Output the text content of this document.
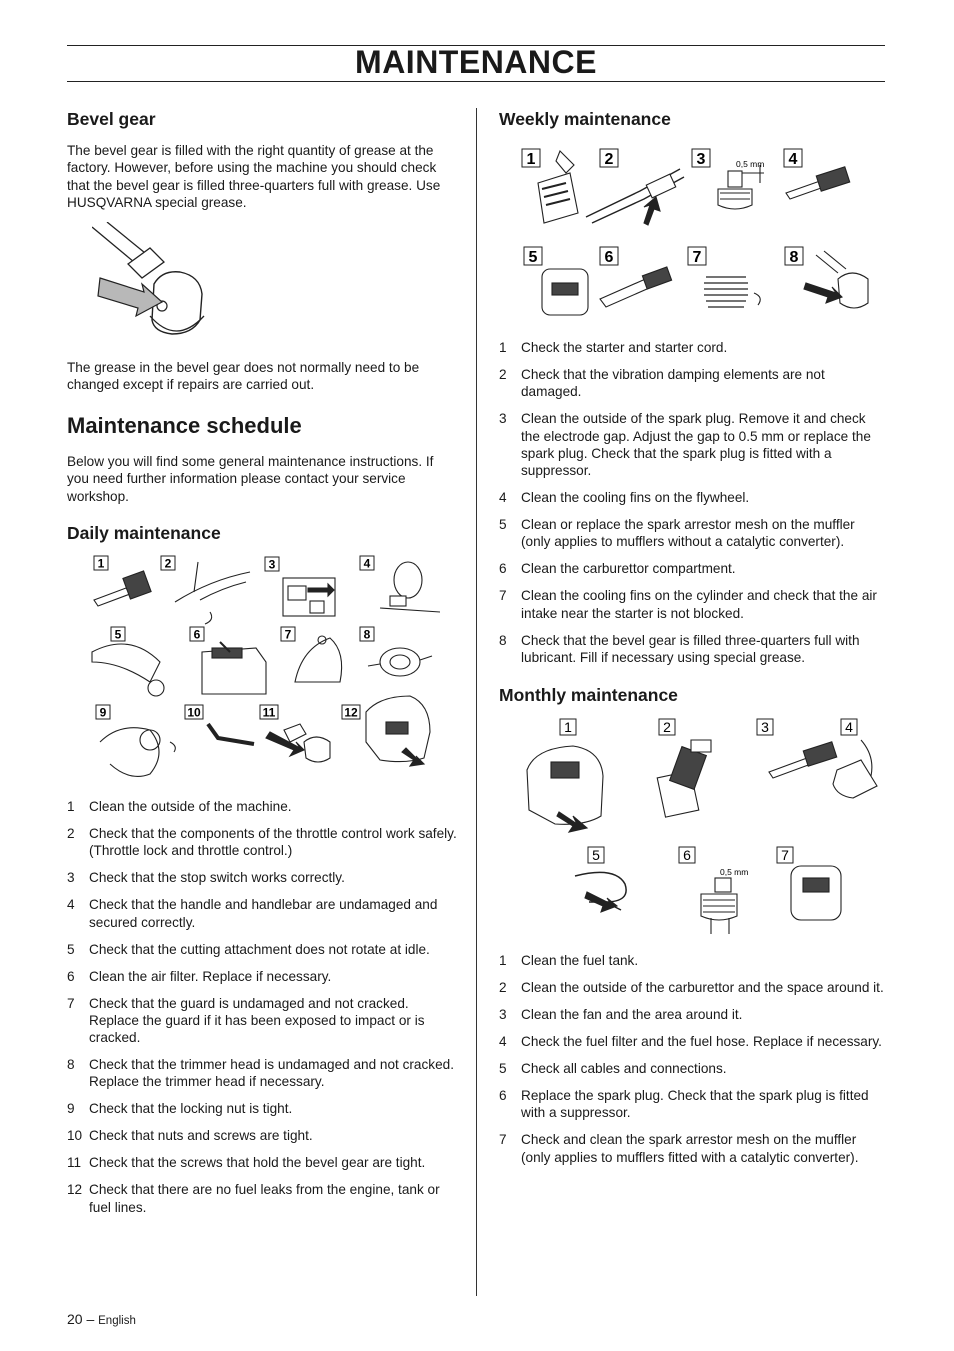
MAINTENANCE
Bevel gear

The bevel gear is filled with the right quantity of grease at the factory. However, before using the machine you should check that the bevel gear is filled three-quarters full with grease. Use HUSQVARNA special grease.

The grease in the bevel gear does not normally need to be changed except if repairs are carried out.

Maintenance schedule

Below you will find some general maintenance instructions. If you need further information please contact your service workshop.

Daily maintenance
1	2	3	4
5	6	7	8
9	10	11	12
1 Clean the outside of the machine.
2 Check that the components of the throttle control work safely. (Throttle lock and throttle control.)
3 Check that the stop switch works correctly.
4 Check that the handle and handlebar are undamaged and secured correctly.
5 Check that the cutting attachment does not rotate at idle.
6 Clean the air filter. Replace if necessary.
7 Check that the guard is undamaged and not cracked. Replace the guard if it has been exposed to impact or is cracked.
8 Check that the trimmer head is undamaged and not cracked. Replace the trimmer head if necessary.
9 Check that the locking nut is tight.
10 Check that nuts and screws are tight.
11 Check that the screws that hold the bevel gear are tight.
12 Check that there are no fuel leaks from the engine, tank or fuel lines.
Weekly maintenance
1	2	3	4
5	6	7	8
0,5 mm
1 Check the starter and starter cord.
2 Check that the vibration damping elements are not damaged.
3 Clean the outside of the spark plug. Remove it and check the electrode gap. Adjust the gap to 0.5 mm or replace the spark plug. Check that the spark plug is fitted with a suppressor.
4 Clean the cooling fins on the flywheel.
5 Clean or replace the spark arrestor mesh on the muffler (only applies to mufflers without a catalytic converter).
6 Clean the carburettor compartment.
7 Clean the cooling fins on the cylinder and check that the air intake near the starter is not blocked.
8 Check that the bevel gear is filled three-quarters full with lubricant. Fill if necessary using special grease.
Monthly maintenance
1	2	3	4
5	6	7
0,5 mm
1 Clean the fuel tank.
2 Clean the outside of the carburettor and the space around it.
3 Clean the fan and the area around it.
4 Check the fuel filter and the fuel hose. Replace if necessary.
5 Check all cables and connections.
6 Replace the spark plug. Check that the spark plug is fitted with a suppressor.
7 Check and clean the spark arrestor mesh on the muffler (only applies to mufflers fitted with a catalytic converter).
20 – English
